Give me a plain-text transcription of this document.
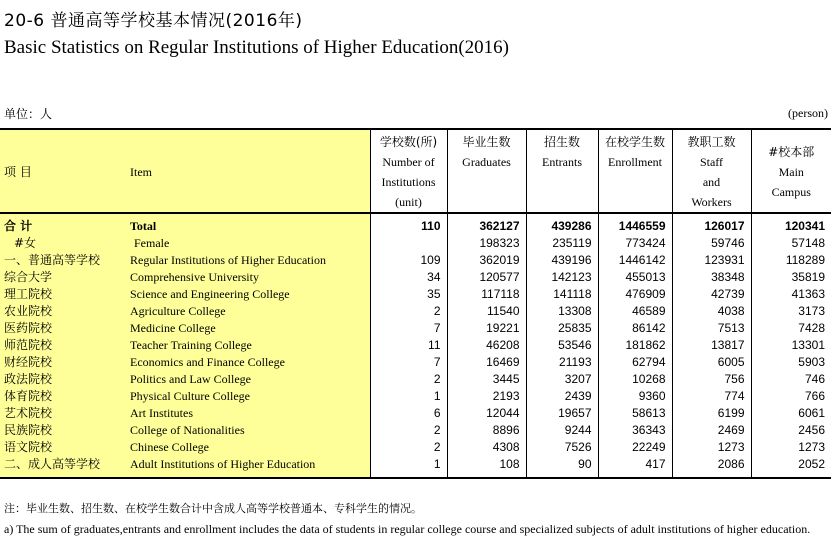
20-6 普通高等学校基本情况(2016年)
Basic Statistics on Regular Institutions of Higher Education(2016)
单位：人	(person)
项 目	Item	学校数(所)
Number of
Institutions
(unit)	毕业生数
Graduates	招生数
Entrants	在校学生数
Enrollment	教职工数
Staff
and
Workers	#校本部
Main
Campus

合 计	Total	110	362127	439286	1446559	126017	120341
#女	Female		198323	235119	773424	59746	57148
一、普通高等学校	Regular Institutions of Higher Education	109	362019	439196	1446142	123931	118289
综合大学	Comprehensive University	34	120577	142123	455013	38348	35819
理工院校	Science and Engineering College	35	117118	141118	476909	42739	41363
农业院校	Agriculture College	2	11540	13308	46589	4038	3173
医药院校	Medicine College	7	19221	25835	86142	7513	7428
师范院校	Teacher Training College	11	46208	53546	181862	13817	13301
财经院校	Economics and Finance College	7	16469	21193	62794	6005	5903
政法院校	Politics and Law College	2	3445	3207	10268	756	746
体育院校	Physical Culture College	1	2193	2439	9360	774	766
艺术院校	Art Institutes	6	12044	19657	58613	6199	6061
民族院校	College of Nationalities	2	8896	9244	36343	2469	2456
语文院校	Chinese College	2	4308	7526	22249	1273	1273
二、成人高等学校	Adult Institutions of Higher Education	1	108	90	417	2086	2052
注：毕业生数、招生数、在校学生数合计中含成人高等学校普通本、专科学生的情况。
a) The sum of graduates,entrants and enrollment includes the data of students in regular college course and specialized subjects of adult institutions of higher education.
